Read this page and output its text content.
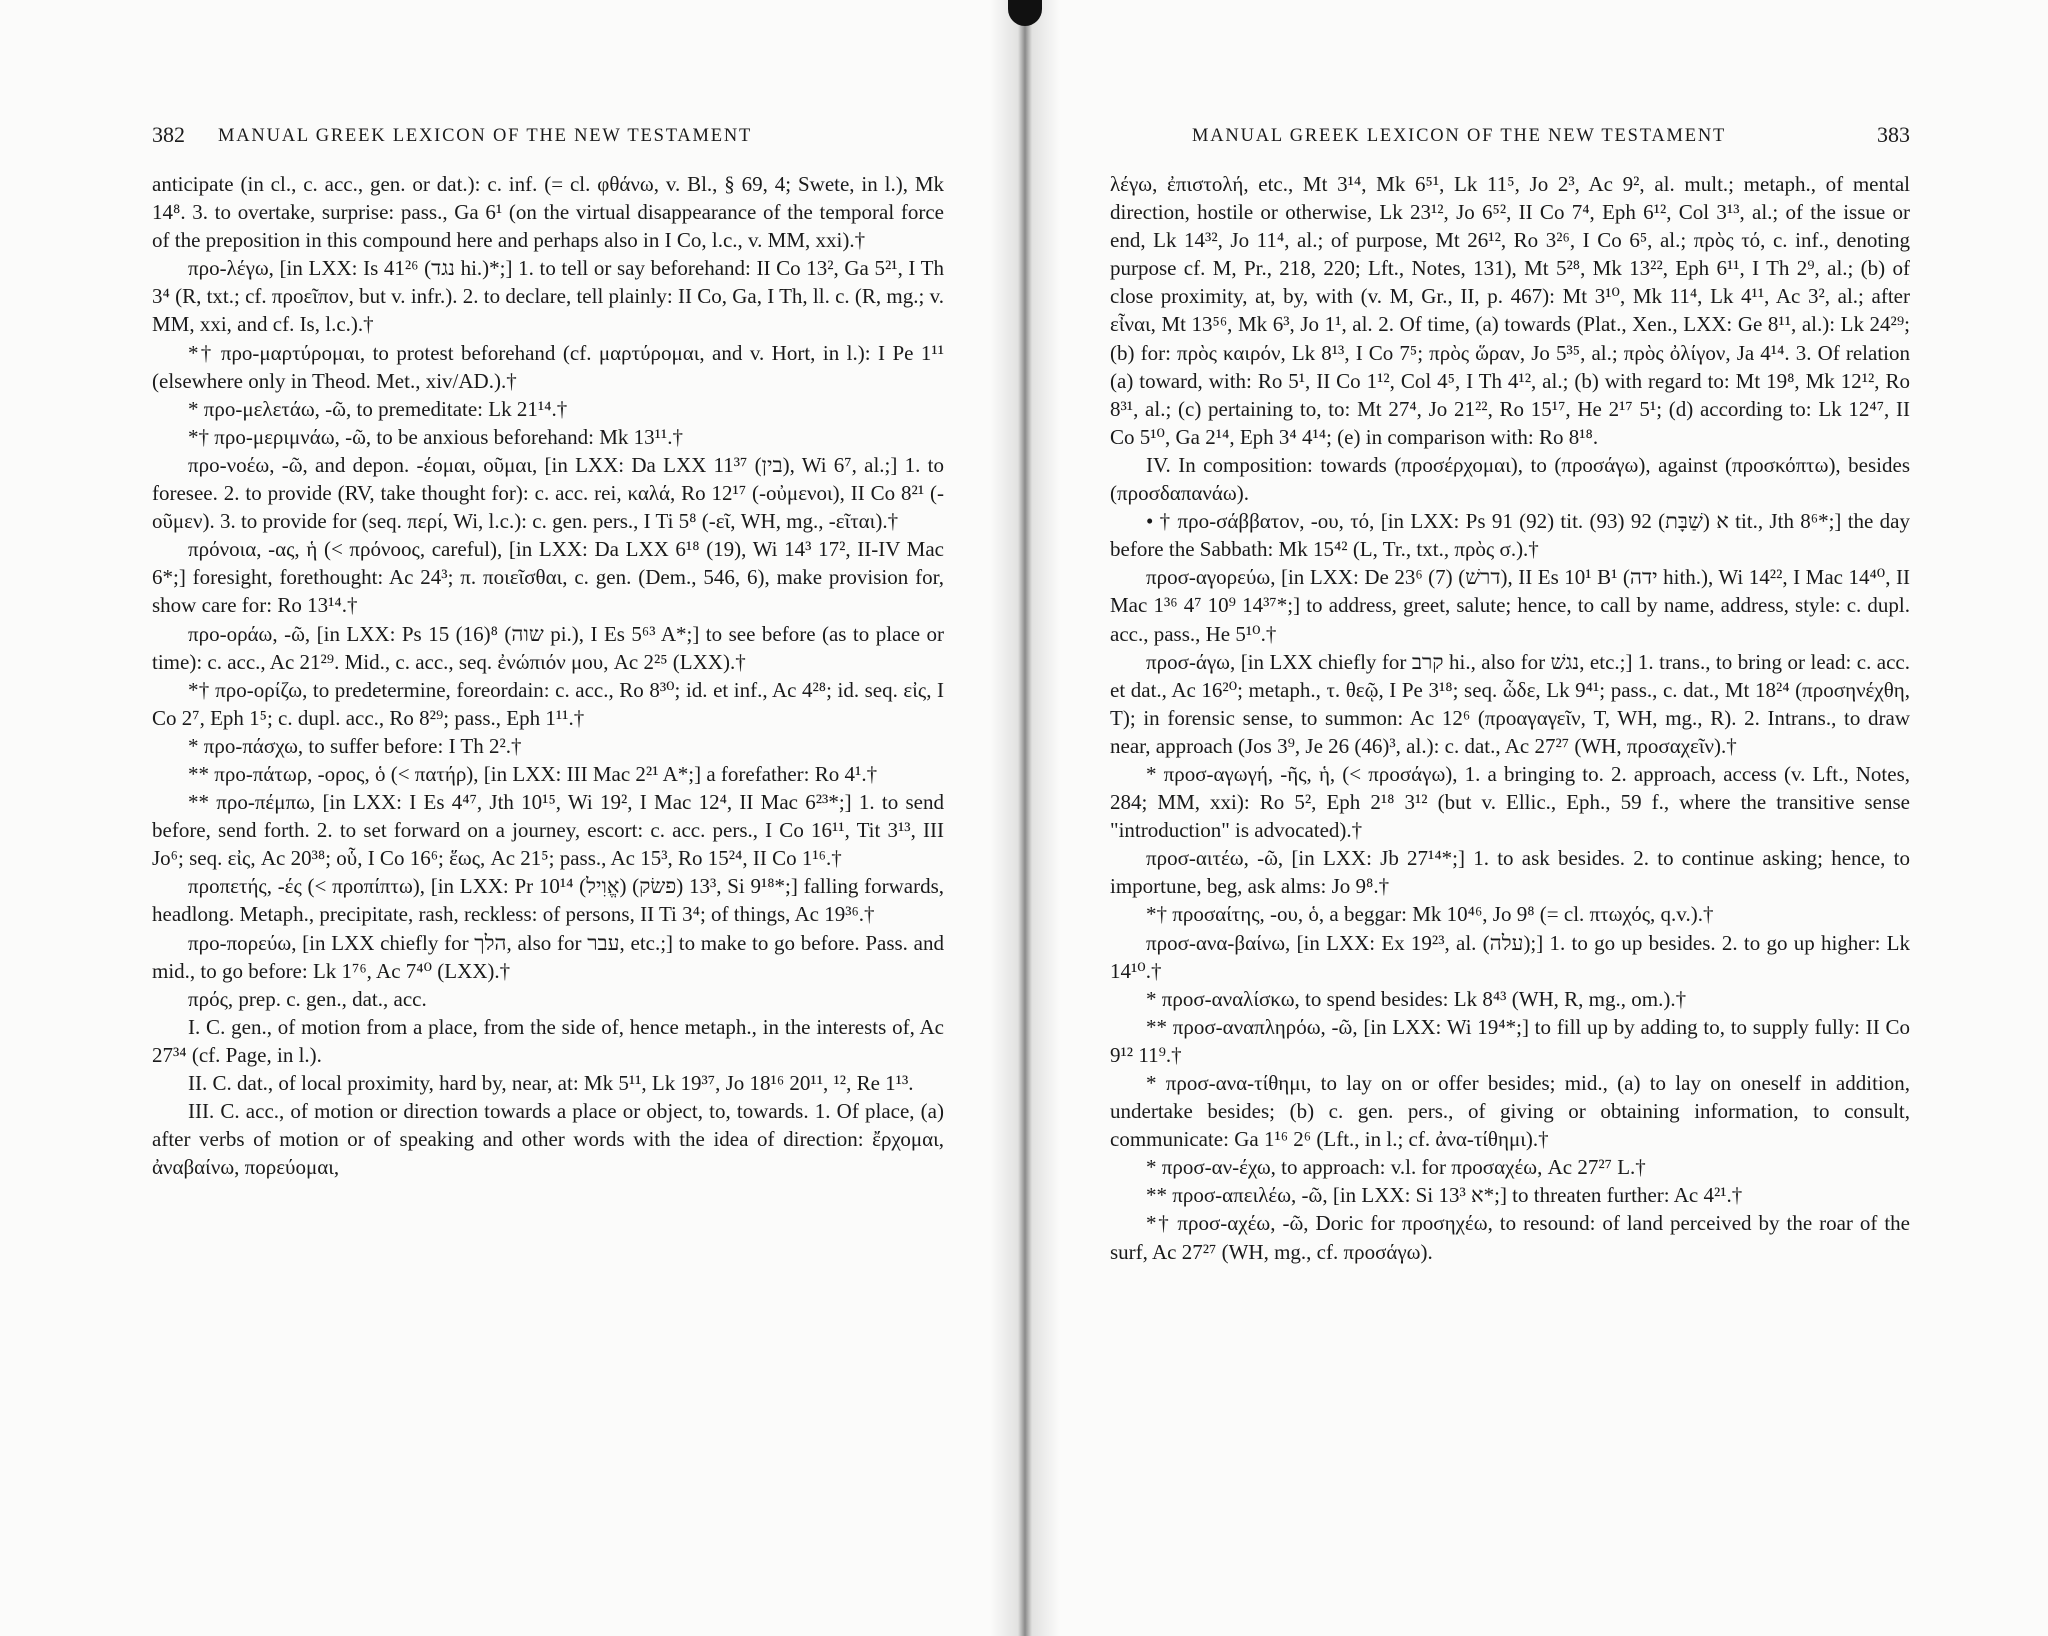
382 MANUAL GREEK LEXICON OF THE NEW TESTAMENT

anticipate (in cl., c. acc., gen. or dat.): c. inf. (= cl. φθάνω, v. Bl., § 69, 4; Swete, in l.), Mk 14⁸. 3. to overtake, surprise: pass., Ga 6¹ (on the virtual disappearance of the temporal force of the preposition in this compound here and perhaps also in I Co, l.c., v. MM, xxi).†

προ-λέγω, [in LXX: Is 41²⁶ (נגד hi.)*;] 1. to tell or say beforehand: II Co 13², Ga 5²¹, I Th 3⁴ (R, txt.; cf. προεῖπον, but v. infr.). 2. to declare, tell plainly: II Co, Ga, I Th, ll. c. (R, mg.; v. MM, xxi, and cf. Is, l.c.).†

*† προ-μαρτύρομαι, to protest beforehand (cf. μαρτύρομαι, and v. Hort, in l.): I Pe 1¹¹ (elsewhere only in Theod. Met., xiv/AD.).†

* προ-μελετάω, -ῶ, to premeditate: Lk 21¹⁴.†

*† προ-μεριμνάω, -ῶ, to be anxious beforehand: Mk 13¹¹.†

προ-νοέω, -ῶ, and depon. -έομαι, οῦμαι, [in LXX: Da LXX 11³⁷ (בין), Wi 6⁷, al.;] 1. to foresee. 2. to provide (RV, take thought for): c. acc. rei, καλά, Ro 12¹⁷ (-οὐμενοι), II Co 8²¹ (-οῦμεν). 3. to provide for (seq. περί, Wi, l.c.): c. gen. pers., I Ti 5⁸ (-εῖ, WH, mg., -εῖται).†

πρόνοια, -ας, ἡ (< πρόνοος, careful), [in LXX: Da LXX 6¹⁸ (19), Wi 14³ 17², II-IV Mac 6*;] foresight, forethought: Ac 24³; π. ποιεῖσθαι, c. gen. (Dem., 546, 6), make provision for, show care for: Ro 13¹⁴.†

προ-οράω, -ῶ, [in LXX: Ps 15 (16)⁸ (שוה pi.), I Es 5⁶³ A*;] to see before (as to place or time): c. acc., Ac 21²⁹. Mid., c. acc., seq. ἐνώπιόν μου, Ac 2²⁵ (LXX).†

*† προ-ορίζω, to predetermine, foreordain: c. acc., Ro 8³⁰; id. et inf., Ac 4²⁸; id. seq. εἰς, I Co 2⁷, Eph 1⁵; c. dupl. acc., Ro 8²⁹; pass., Eph 1¹¹.†

* προ-πάσχω, to suffer before: I Th 2².†

** προ-πάτωρ, -ορος, ὁ (< πατήρ), [in LXX: III Mac 2²¹ A*;] a forefather: Ro 4¹.†

** προ-πέμπω, [in LXX: I Es 4⁴⁷, Jth 10¹⁵, Wi 19², I Mac 12⁴, II Mac 6²³*;] 1. to send before, send forth. 2. to set forward on a journey, escort: c. acc. pers., I Co 16¹¹, Tit 3¹³, III Jo⁶; seq. εἰς, Ac 20³⁸; οὗ, I Co 16⁶; ἕως, Ac 21⁵; pass., Ac 15³, Ro 15²⁴, II Co 1¹⁶.†

προπετής, -ές (< προπίπτω), [in LXX: Pr 10¹⁴ (אֱוִיל) 13³ (פשׂק), Si 9¹⁸*;] falling forwards, headlong. Metaph., precipitate, rash, reckless: of persons, II Ti 3⁴; of things, Ac 19³⁶.†

προ-πορεύω, [in LXX chiefly for הלך, also for עבר, etc.;] to make to go before. Pass. and mid., to go before: Lk 1⁷⁶, Ac 7⁴⁰ (LXX).†

πρός, prep. c. gen., dat., acc.

I. C. gen., of motion from a place, from the side of, hence metaph., in the interests of, Ac 27³⁴ (cf. Page, in l.).

II. C. dat., of local proximity, hard by, near, at: Mk 5¹¹, Lk 19³⁷, Jo 18¹⁶ 20¹¹, ¹², Re 1¹³.

III. C. acc., of motion or direction towards a place or object, to, towards. 1. Of place, (a) after verbs of motion or of speaking and other words with the idea of direction: ἔρχομαι, ἀναβαίνω, πορεύομαι,

MANUAL GREEK LEXICON OF THE NEW TESTAMENT	383

λέγω, ἐπιστολή, etc., Mt 3¹⁴, Mk 6⁵¹, Lk 11⁵, Jo 2³, Ac 9², al. mult.; metaph., of mental direction, hostile or otherwise, Lk 23¹², Jo 6⁵², II Co 7⁴, Eph 6¹², Col 3¹³, al.; of the issue or end, Lk 14³², Jo 11⁴, al.; of purpose, Mt 26¹², Ro 3²⁶, I Co 6⁵, al.; πρὸς τό, c. inf., denoting purpose cf. M, Pr., 218, 220; Lft., Notes, 131), Mt 5²⁸, Mk 13²², Eph 6¹¹, I Th 2⁹, al.; (b) of close proximity, at, by, with (v. M, Gr., II, p. 467): Mt 3¹⁰, Mk 11⁴, Lk 4¹¹, Ac 3², al.; after εἶναι, Mt 13⁵⁶, Mk 6³, Jo 1¹, al. 2. Of time, (a) towards (Plat., Xen., LXX: Ge 8¹¹, al.): Lk 24²⁹; (b) for: πρὸς καιρόν, Lk 8¹³, I Co 7⁵; πρὸς ὥραν, Jo 5³⁵, al.; πρὸς ὀλίγον, Ja 4¹⁴. 3. Of relation (a) toward, with: Ro 5¹, II Co 1¹², Col 4⁵, I Th 4¹², al.; (b) with regard to: Mt 19⁸, Mk 12¹², Ro 8³¹, al.; (c) pertaining to, to: Mt 27⁴, Jo 21²², Ro 15¹⁷, He 2¹⁷ 5¹; (d) according to: Lk 12⁴⁷, II Co 5¹⁰, Ga 2¹⁴, Eph 3⁴ 4¹⁴; (e) in comparison with: Ro 8¹⁸.

IV. In composition: towards (προσέρχομαι), to (προσάγω), against (προσκόπτω), besides (προσδαπανάω).

• † προ-σάββατον, -ου, τό, [in LXX: Ps 91 (92) tit. א (שַׁבָּת) 92 (93) tit., Jth 8⁶*;] the day before the Sabbath: Mk 15⁴² (L, Tr., txt., πρὸς σ.).†

προσ-αγορεύω, [in LXX: De 23⁶ (7) (דרשׁ), II Es 10¹ B¹ (ידה hith.), Wi 14²², I Mac 14⁴⁰, II Mac 1³⁶ 4⁷ 10⁹ 14³⁷*;] to address, greet, salute; hence, to call by name, address, style: c. dupl. acc., pass., He 5¹⁰.†

προσ-άγω, [in LXX chiefly for קרב hi., also for נגשׁ, etc.;] 1. trans., to bring or lead: c. acc. et dat., Ac 16²⁰; metaph., τ. θεῷ, I Pe 3¹⁸; seq. ὧδε, Lk 9⁴¹; pass., c. dat., Mt 18²⁴ (προσηνέχθη, T); in forensic sense, to summon: Ac 12⁶ (προαγαγεῖν, T, WH, mg., R). 2. Intrans., to draw near, approach (Jos 3⁹, Je 26 (46)³, al.): c. dat., Ac 27²⁷ (WH, προσαχεῖν).†

* προσ-αγωγή, -ῆς, ἡ, (< προσάγω), 1. a bringing to. 2. approach, access (v. Lft., Notes, 284; MM, xxi): Ro 5², Eph 2¹⁸ 3¹² (but v. Ellic., Eph., 59 f., where the transitive sense "introduction" is advocated).†

προσ-αιτέω, -ῶ, [in LXX: Jb 27¹⁴*;] 1. to ask besides. 2. to continue asking; hence, to importune, beg, ask alms: Jo 9⁸.†

*† προσαίτης, -ου, ὁ, a beggar: Mk 10⁴⁶, Jo 9⁸ (= cl. πτωχός, q.v.).†

προσ-ανα-βαίνω, [in LXX: Ex 19²³, al. (עלה);] 1. to go up besides. 2. to go up higher: Lk 14¹⁰.†

* προσ-αναλίσκω, to spend besides: Lk 8⁴³ (WH, R, mg., om.).†

** προσ-αναπληρόω, -ῶ, [in LXX: Wi 19⁴*;] to fill up by adding to, to supply fully: II Co 9¹² 11⁹.†

* προσ-ανα-τίθημι, to lay on or offer besides; mid., (a) to lay on oneself in addition, undertake besides; (b) c. gen. pers., of giving or obtaining information, to consult, communicate: Ga 1¹⁶ 2⁶ (Lft., in l.; cf. ἀνα-τίθημι).†

* προσ-αν-έχω, to approach: v.l. for προσαχέω, Ac 27²⁷ L.†

** προσ-απειλέω, -ῶ, [in LXX: Si 13³ א*;] to threaten further: Ac 4²¹.†

*† προσ-αχέω, -ῶ, Doric for προσηχέω, to resound: of land perceived by the roar of the surf, Ac 27²⁷ (WH, mg., cf. προσάγω).
